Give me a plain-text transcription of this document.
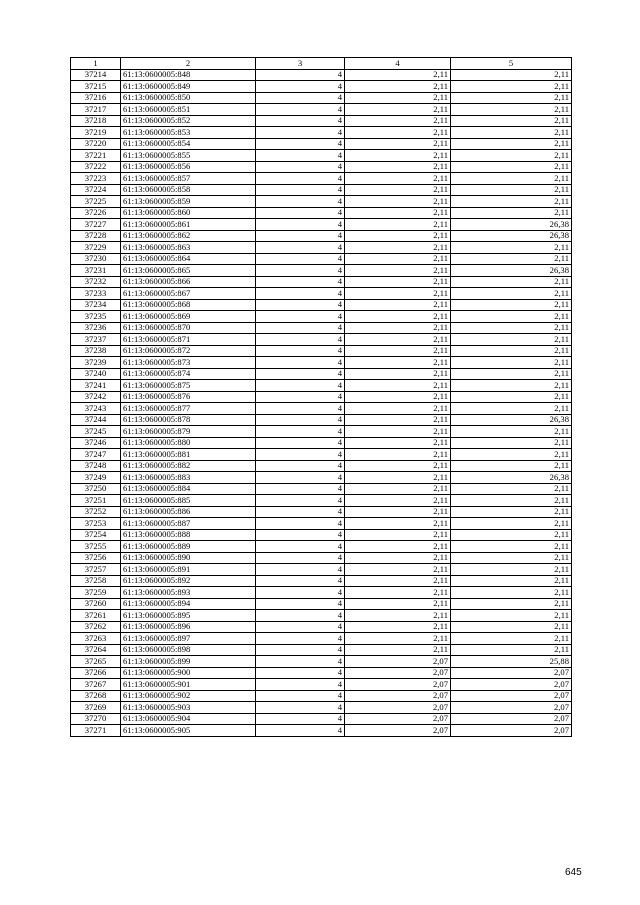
1	2	3	4	5
37214	61:13:0600005:848	4	2,11	2,11
37215	61:13:0600005:849	4	2,11	2,11
37216	61:13:0600005:850	4	2,11	2,11
37217	61:13:0600005:851	4	2,11	2,11
37218	61:13:0600005:852	4	2,11	2,11
37219	61:13:0600005:853	4	2,11	2,11
37220	61:13:0600005:854	4	2,11	2,11
37221	61:13:0600005:855	4	2,11	2,11
37222	61:13:0600005:856	4	2,11	2,11
37223	61:13:0600005:857	4	2,11	2,11
37224	61:13:0600005:858	4	2,11	2,11
37225	61:13:0600005:859	4	2,11	2,11
37226	61:13:0600005:860	4	2,11	2,11
37227	61:13:0600005:861	4	2,11	26,38
37228	61:13:0600005:862	4	2,11	26,38
37229	61:13:0600005:863	4	2,11	2,11
37230	61:13:0600005:864	4	2,11	2,11
37231	61:13:0600005:865	4	2,11	26,38
37232	61:13:0600005:866	4	2,11	2,11
37233	61:13:0600005:867	4	2,11	2,11
37234	61:13:0600005:868	4	2,11	2,11
37235	61:13:0600005:869	4	2,11	2,11
37236	61:13:0600005:870	4	2,11	2,11
37237	61:13:0600005:871	4	2,11	2,11
37238	61:13:0600005:872	4	2,11	2,11
37239	61:13:0600005:873	4	2,11	2,11
37240	61:13:0600005:874	4	2,11	2,11
37241	61:13:0600005:875	4	2,11	2,11
37242	61:13:0600005:876	4	2,11	2,11
37243	61:13:0600005:877	4	2,11	2,11
37244	61:13:0600005:878	4	2,11	26,38
37245	61:13:0600005:879	4	2,11	2,11
37246	61:13:0600005:880	4	2,11	2,11
37247	61:13:0600005:881	4	2,11	2,11
37248	61:13:0600005:882	4	2,11	2,11
37249	61:13:0600005:883	4	2,11	26,38
37250	61:13:0600005:884	4	2,11	2,11
37251	61:13:0600005:885	4	2,11	2,11
37252	61:13:0600005:886	4	2,11	2,11
37253	61:13:0600005:887	4	2,11	2,11
37254	61:13:0600005:888	4	2,11	2,11
37255	61:13:0600005:889	4	2,11	2,11
37256	61:13:0600005:890	4	2,11	2,11
37257	61:13:0600005:891	4	2,11	2,11
37258	61:13:0600005:892	4	2,11	2,11
37259	61:13:0600005:893	4	2,11	2,11
37260	61:13:0600005:894	4	2,11	2,11
37261	61:13:0600005:895	4	2,11	2,11
37262	61:13:0600005:896	4	2,11	2,11
37263	61:13:0600005:897	4	2,11	2,11
37264	61:13:0600005:898	4	2,11	2,11
37265	61:13:0600005:899	4	2,07	25,88
37266	61:13:0600005:900	4	2,07	2,07
37267	61:13:0600005:901	4	2,07	2,07
37268	61:13:0600005:902	4	2,07	2,07
37269	61:13:0600005:903	4	2,07	2,07
37270	61:13:0600005:904	4	2,07	2,07
37271	61:13:0600005:905	4	2,07	2,07
645
